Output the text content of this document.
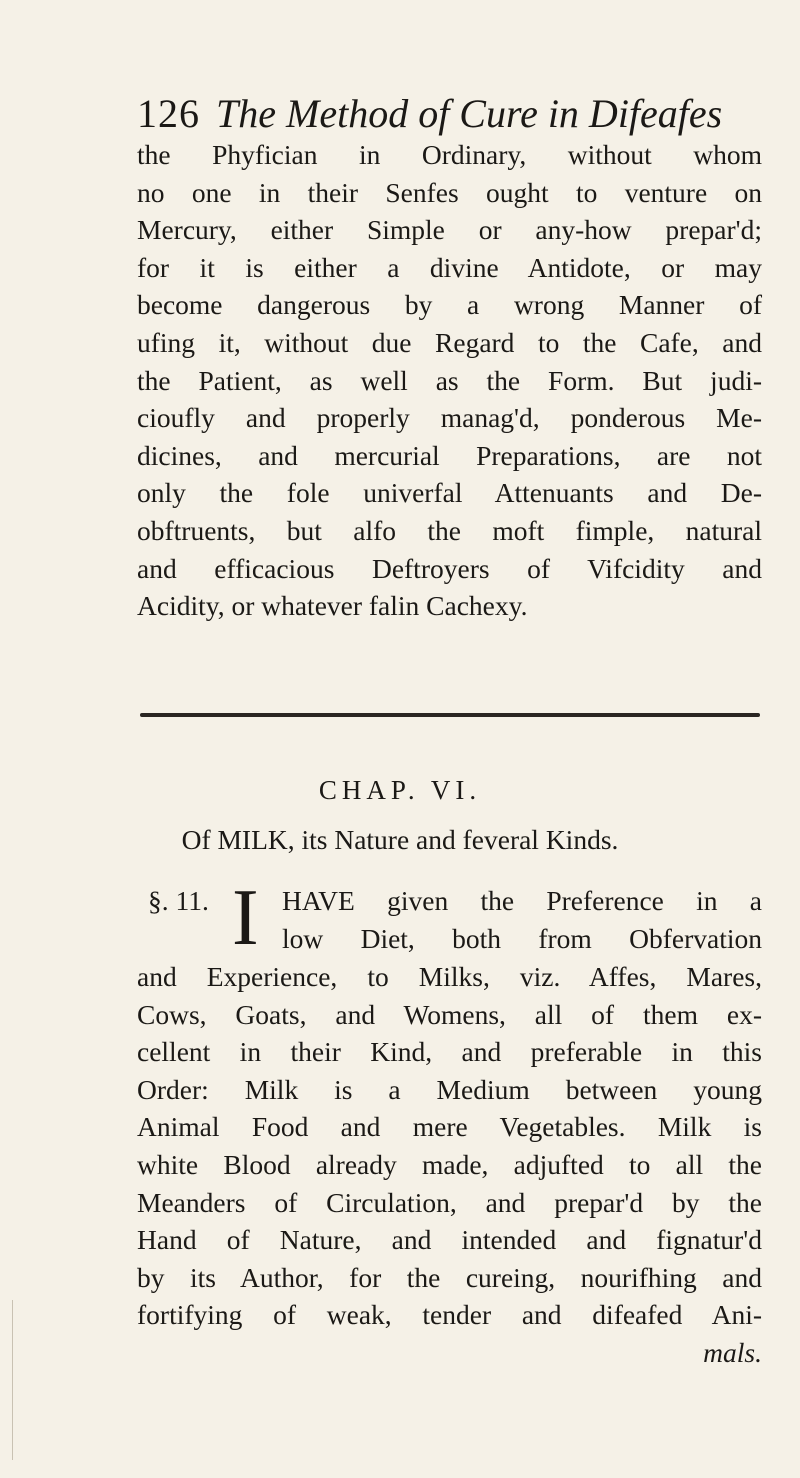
126 The Method of Cure in Difeafes
the Phyfician in Ordinary, without whom
no one in their Senfes ought to venture on
Mercury, either Simple or any-how prepar'd;
for it is either a divine Antidote, or may
become dangerous by a wrong Manner of
ufing it, without due Regard to the Cafe, and
the Patient, as well as the Form. But judi-
cioufly and properly manag'd, ponderous Me-
dicines, and mercurial Preparations, are not
only the fole univerfal Attenuants and De-
obftruents, but alfo the moft fimple, natural
and efficacious Deftroyers of Vifcidity and
Acidity, or whatever falin Cachexy.
CHAP. VI.
Of MILK, its Nature and feveral Kinds.
§. 11. I HAVE given the Preference in a
low Diet, both from Obfervation
and Experience, to Milks, viz. Affes, Mares,
Cows, Goats, and Womens, all of them ex-
cellent in their Kind, and preferable in this
Order: Milk is a Medium between young
Animal Food and mere Vegetables. Milk is
white Blood already made, adjufted to all the
Meanders of Circulation, and prepar'd by the
Hand of Nature, and intended and fignatur'd
by its Author, for the cureing, nourifhing and
fortifying of weak, tender and difeafed Ani-
mals.
